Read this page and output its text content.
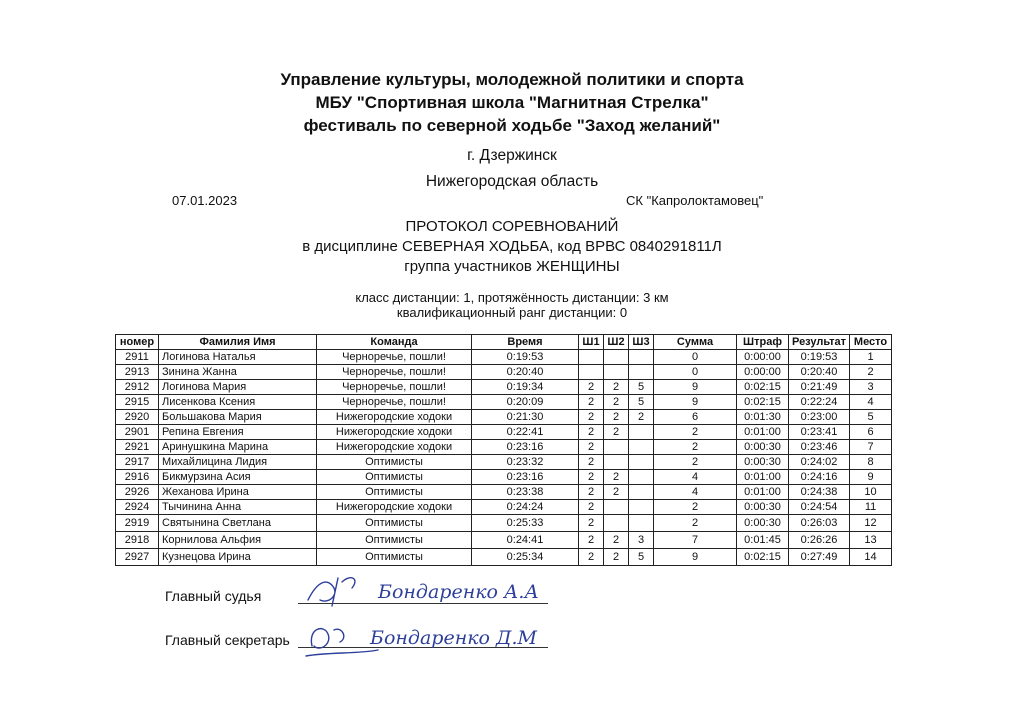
Управление культуры, молодежной политики и спорта
МБУ "Спортивная школа "Магнитная Стрелка"
фестиваль по северной ходьбе "Заход желаний"
г. Дзержинск
Нижегородская область
07.01.2023	СК "Капролоктамовец"
ПРОТОКОЛ СОРЕВНОВАНИЙ
в дисциплине СЕВЕРНАЯ ХОДЬБА, код ВРВС 0840291811Л
группа участников ЖЕНЩИНЫ
класс дистанции: 1, протяжённость дистанции: 3 км
квалификационный ранг дистанции: 0
номер	Фамилия Имя	Команда	Время	Ш1	Ш2	Ш3	Сумма	Штраф	Результат	Место
2911	Логинова Наталья	Черноречье, пошли!	0:19:53				0	0:00:00	0:19:53	1
2913	Зинина Жанна	Черноречье, пошли!	0:20:40				0	0:00:00	0:20:40	2
2912	Логинова Мария	Черноречье, пошли!	0:19:34	2	2	5	9	0:02:15	0:21:49	3
2915	Лисенкова Ксения	Черноречье, пошли!	0:20:09	2	2	5	9	0:02:15	0:22:24	4
2920	Большакова Мария	Нижегородские ходоки	0:21:30	2	2	2	6	0:01:30	0:23:00	5
2901	Репина Евгения	Нижегородские ходоки	0:22:41	2	2		2	0:01:00	0:23:41	6
2921	Аринушкина Марина	Нижегородские ходоки	0:23:16	2			2	0:00:30	0:23:46	7
2917	Михайлицина Лидия	Оптимисты	0:23:32	2			2	0:00:30	0:24:02	8
2916	Бикмурзина Асия	Оптимисты	0:23:16	2	2		4	0:01:00	0:24:16	9
2926	Жеханова Ирина	Оптимисты	0:23:38	2	2		4	0:01:00	0:24:38	10
2924	Тычинина Анна	Нижегородские ходоки	0:24:24	2			2	0:00:30	0:24:54	11
2919	Святынина Светлана	Оптимисты	0:25:33	2			2	0:00:30	0:26:03	12
2918	Корнилова Альфия	Оптимисты	0:24:41	2	2	3	7	0:01:45	0:26:26	13
2927	Кузнецова Ирина	Оптимисты	0:25:34	2	2	5	9	0:02:15	0:27:49	14
Главный судья	Бондаренко А.А
Главный секретарь	Бондаренко Д.М
